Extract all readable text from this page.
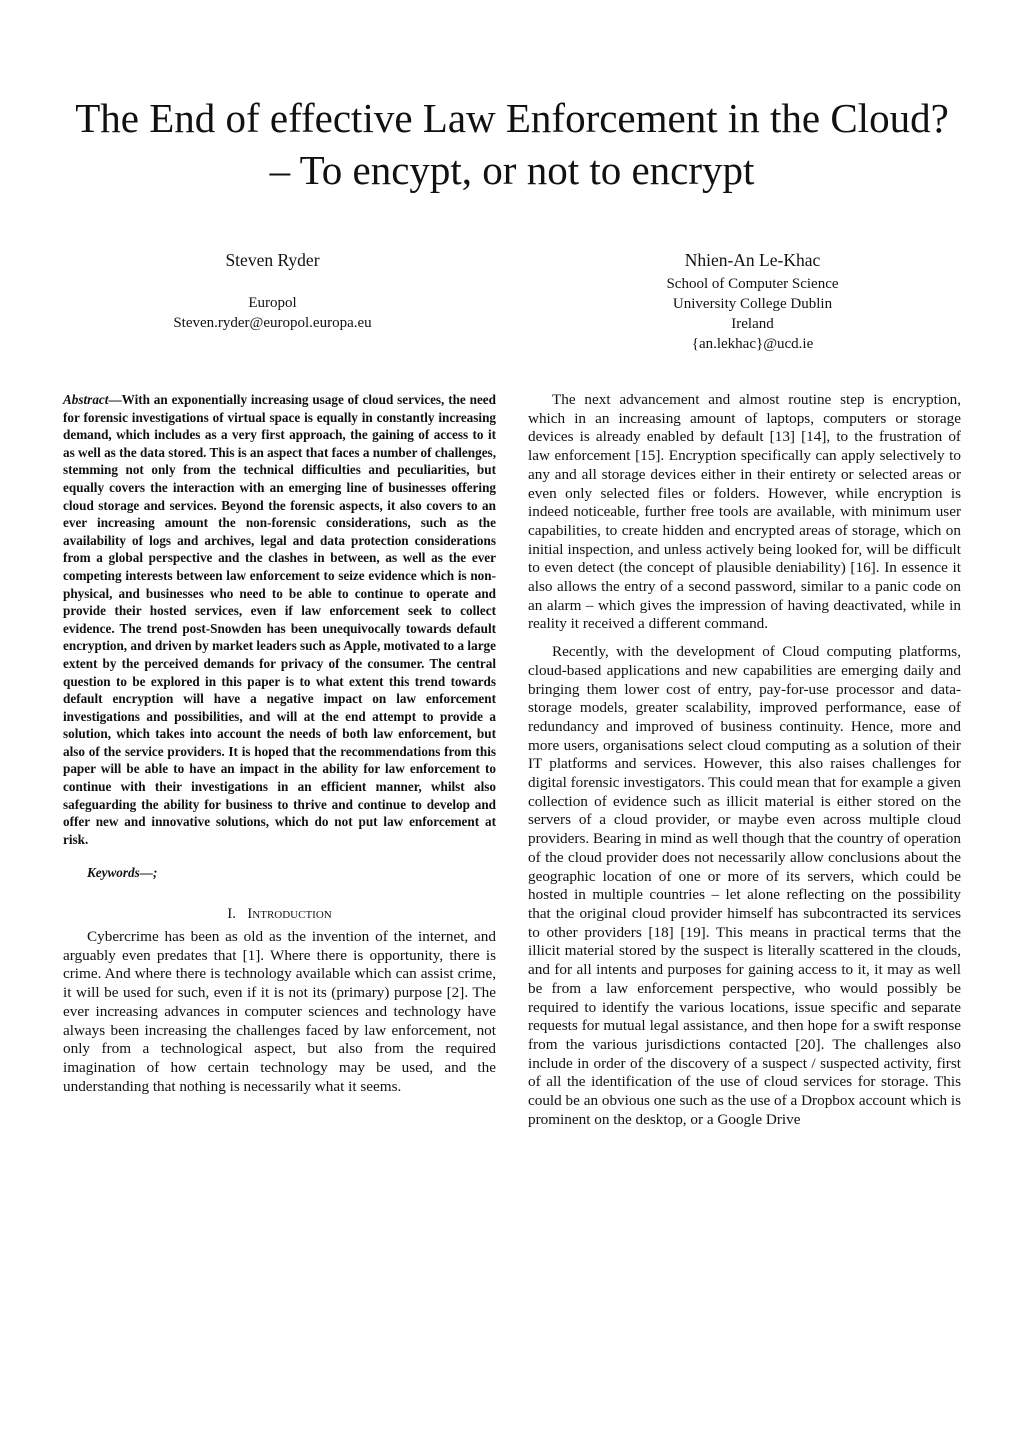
The End of effective Law Enforcement in the Cloud?
– To encypt, or not to encrypt
Steven Ryder
Europol
Steven.ryder@europol.europa.eu
Nhien-An Le-Khac
School of Computer Science
University College Dublin
Ireland
{an.lekhac}@ucd.ie

Abstract—With an exponentially increasing usage of cloud services, the need for forensic investigations of virtual space is equally in constantly increasing demand, which includes as a very first approach, the gaining of access to it as well as the data stored. This is an aspect that faces a number of challenges, stemming not only from the technical difficulties and peculiarities, but equally covers the interaction with an emerging line of businesses offering cloud storage and services. Beyond the forensic aspects, it also covers to an ever increasing amount the non-forensic considerations, such as the availability of logs and archives, legal and data protection considerations from a global perspective and the clashes in between, as well as the ever competing interests between law enforcement to seize evidence which is non-physical, and businesses who need to be able to continue to operate and provide their hosted services, even if law enforcement seek to collect evidence. The trend post-Snowden has been unequivocally towards default encryption, and driven by market leaders such as Apple, motivated to a large extent by the perceived demands for privacy of the consumer. The central question to be explored in this paper is to what extent this trend towards default encryption will have a negative impact on law enforcement investigations and possibilities, and will at the end attempt to provide a solution, which takes into account the needs of both law enforcement, but also of the service providers. It is hoped that the recommendations from this paper will be able to have an impact in the ability for law enforcement to continue with their investigations in an efficient manner, whilst also safeguarding the ability for business to thrive and continue to develop and offer new and innovative solutions, which do not put law enforcement at risk.

Keywords—;

I. Introduction

Cybercrime has been as old as the invention of the internet, and arguably even predates that [1]. Where there is opportunity, there is crime. And where there is technology available which can assist crime, it will be used for such, even if it is not its (primary) purpose [2]. The ever increasing advances in computer sciences and technology have always been increasing the challenges faced by law enforcement, not only from a technological aspect, but also from the required imagination of how certain technology may be used, and the understanding that nothing is necessarily what it seems.

The next advancement and almost routine step is encryption, which in an increasing amount of laptops, computers or storage devices is already enabled by default [13] [14], to the frustration of law enforcement [15]. Encryption specifically can apply selectively to any and all storage devices either in their entirety or selected areas or even only selected files or folders. However, while encryption is indeed noticeable, further free tools are available, with minimum user capabilities, to create hidden and encrypted areas of storage, which on initial inspection, and unless actively being looked for, will be difficult to even detect (the concept of plausible deniability) [16]. In essence it also allows the entry of a second password, similar to a panic code on an alarm – which gives the impression of having deactivated, while in reality it received a different command.

Recently, with the development of Cloud computing platforms, cloud-based applications and new capabilities are emerging daily and bringing them lower cost of entry, pay-for-use processor and data-storage models, greater scalability, improved performance, ease of redundancy and improved of business continuity. Hence, more and more users, organisations select cloud computing as a solution of their IT platforms and services. However, this also raises challenges for digital forensic investigators. This could mean that for example a given collection of evidence such as illicit material is either stored on the servers of a cloud provider, or maybe even across multiple cloud providers. Bearing in mind as well though that the country of operation of the cloud provider does not necessarily allow conclusions about the geographic location of one or more of its servers, which could be hosted in multiple countries – let alone reflecting on the possibility that the original cloud provider himself has subcontracted its services to other providers [18] [19]. This means in practical terms that the illicit material stored by the suspect is literally scattered in the clouds, and for all intents and purposes for gaining access to it, it may as well be from a law enforcement perspective, who would possibly be required to identify the various locations, issue specific and separate requests for mutual legal assistance, and then hope for a swift response from the various jurisdictions contacted [20]. The challenges also include in order of the discovery of a suspect / suspected activity, first of all the identification of the use of cloud services for storage. This could be an obvious one such as the use of a Dropbox account which is prominent on the desktop, or a Google Drive
